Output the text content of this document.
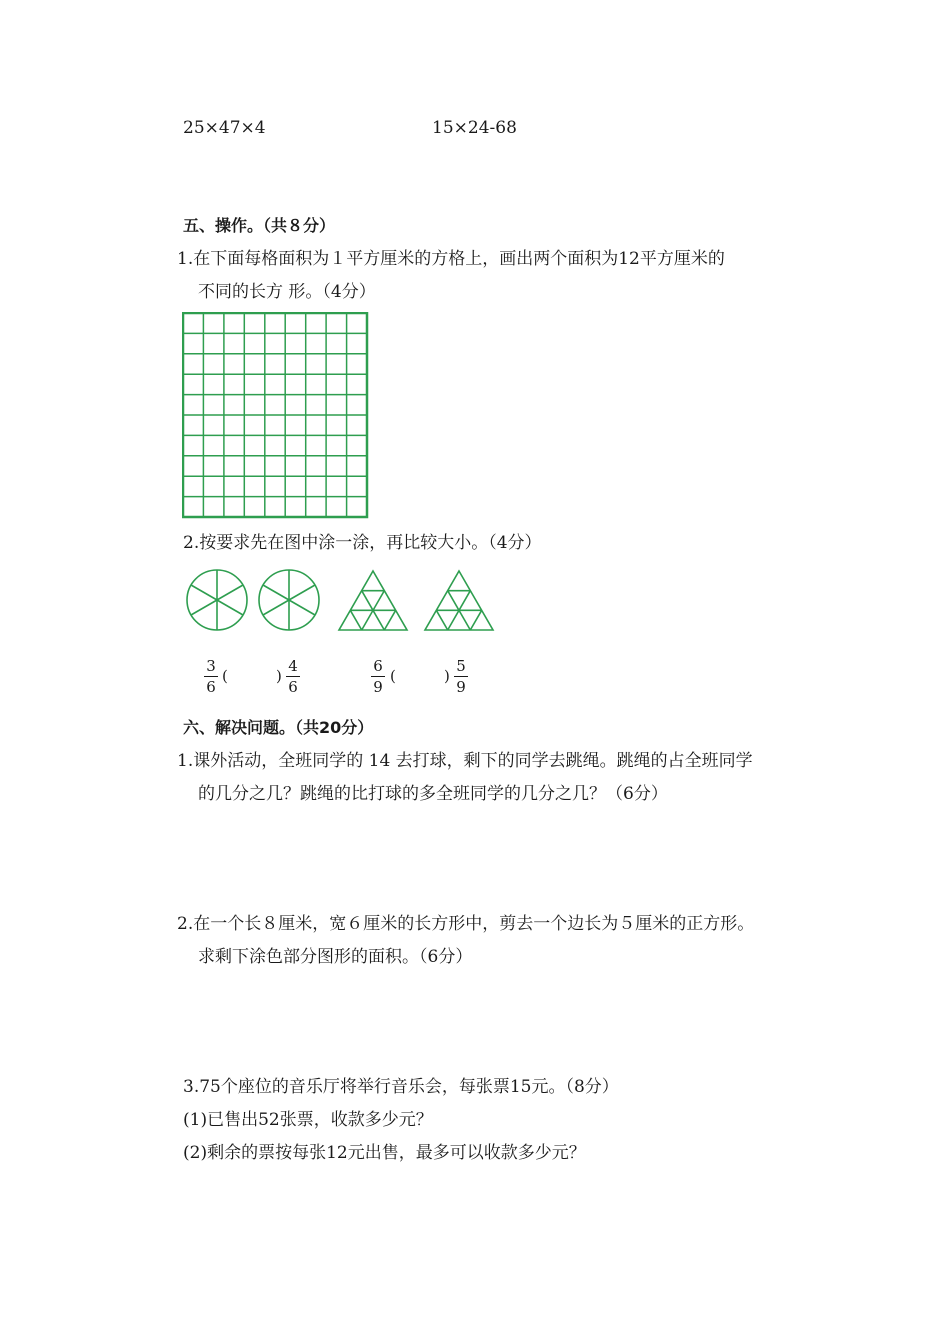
25×47×4	15×24-68
五、操作。（共８分）
1.在下面每格面积为１平方厘米的方格上，画出两个面积为12平方厘米的
不同的长方 形。（4分）
2.按要求先在图中涂一涂，再比较大小。（4分）
3
6
(	)
4
6
6
9
(	)
5
9
六、解决问题。（共20分）
1.课外活动，全班同学的 14 去打球，剩下的同学去跳绳。跳绳的占全班同学
的几分之几？跳绳的比打球的多全班同学的几分之几？（6分）
2.在一个长８厘米，宽６厘米的长方形中，剪去一个边长为５厘米的正方形。
求剩下涂色部分图形的面积。（6分）
3.75个座位的音乐厅将举行音乐会，每张票15元。（8分）
(1)已售出52张票，收款多少元？
(2)剩余的票按每张12元出售，最多可以收款多少元？
